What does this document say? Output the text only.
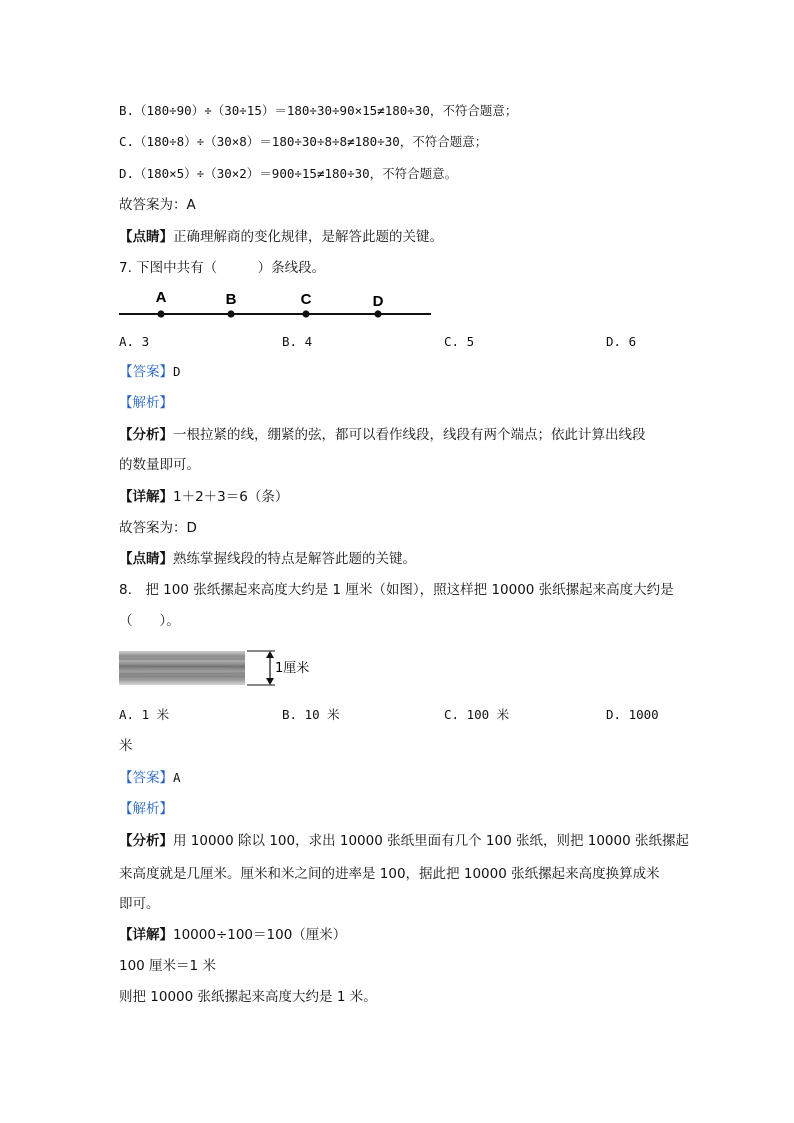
B.（180÷90）÷（30÷15）＝180÷30÷90×15≠180÷30，不符合题意；
C.（180÷8）÷（30×8）＝180÷30÷8÷8≠180÷30，不符合题意；
D.（180×5）÷（30×2）＝900÷15≠180÷30，不符合题意。
故答案为：A
【点睛】正确理解商的变化规律，是解答此题的关键。
7. 下图中共有（　　　）条线段。
A	B	C	D
A. 3	B. 4	C. 5	D. 6
【答案】D
【解析】
【分析】一根拉紧的线，绷紧的弦，都可以看作线段，线段有两个端点；依此计算出线段
的数量即可。
【详解】1＋2＋3＝6（条）
故答案为：D
【点睛】熟练掌握线段的特点是解答此题的关键。
8.　把 100 张纸摞起来高度大约是 1 厘米（如图），照这样把 10000 张纸摞起来高度大约是
（　　）。
1厘米
A. 1 米	B. 10 米	C. 100 米	D. 1000
米
【答案】A
【解析】
【分析】用 10000 除以 100，求出 10000 张纸里面有几个 100 张纸，则把 10000 张纸摞起
来高度就是几厘米。厘米和米之间的进率是 100，据此把 10000 张纸摞起来高度换算成米
即可。
【详解】10000÷100＝100（厘米）
100 厘米＝1 米
则把 10000 张纸摞起来高度大约是 1 米。
